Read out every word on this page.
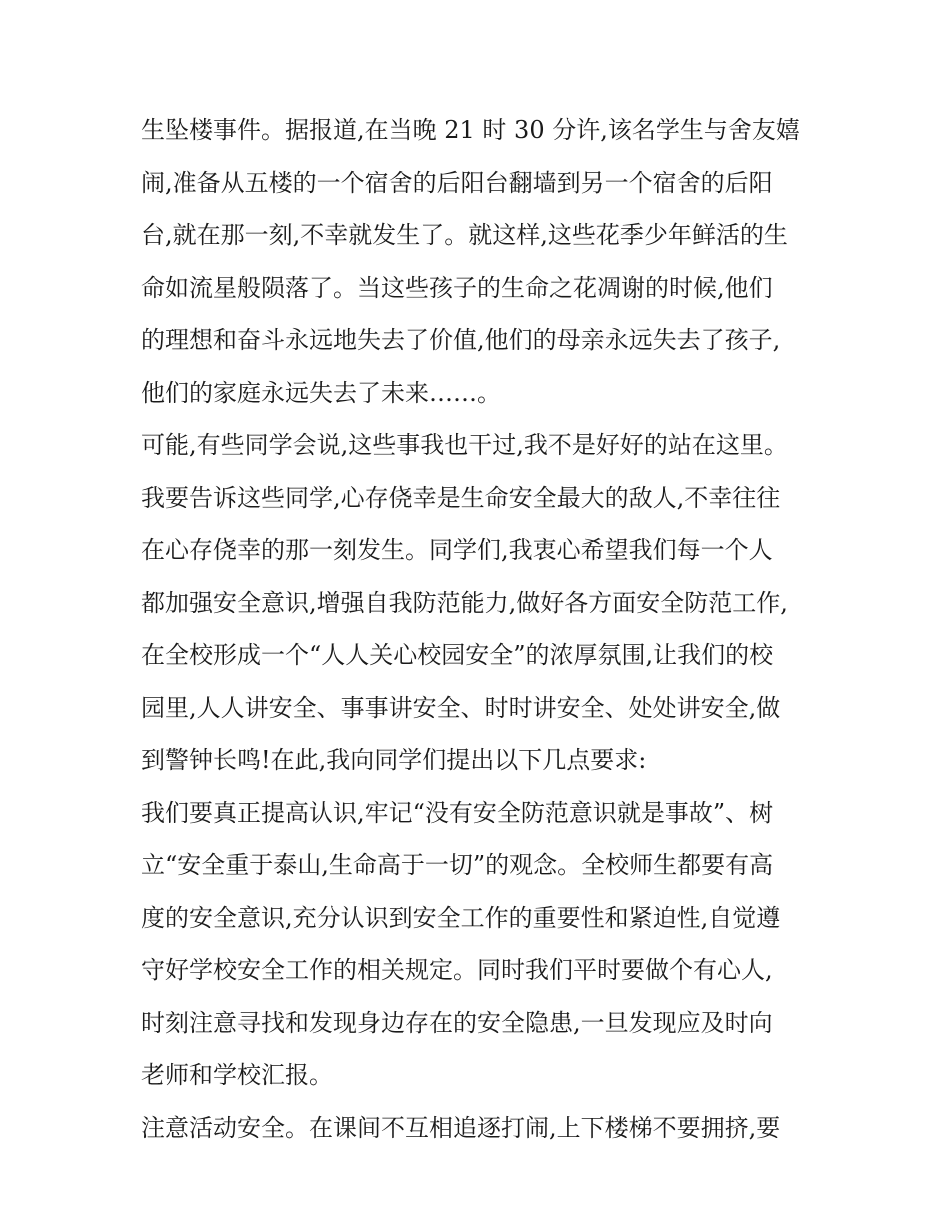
生坠楼事件。据报道,在当晚 21 时 30 分许,该名学生与舍友嬉
闹,准备从五楼的一个宿舍的后阳台翻墙到另一个宿舍的后阳
台,就在那一刻,不幸就发生了。就这样,这些花季少年鲜活的生
命如流星般陨落了。当这些孩子的生命之花凋谢的时候,他们
的理想和奋斗永远地失去了价值,他们的母亲永远失去了孩子,
他们的家庭永远失去了未来……。
可能,有些同学会说,这些事我也干过,我不是好好的站在这里。
我要告诉这些同学,心存侥幸是生命安全最大的敌人,不幸往往
在心存侥幸的那一刻发生。同学们,我衷心希望我们每一个人
都加强安全意识,增强自我防范能力,做好各方面安全防范工作,
在全校形成一个“人人关心校园安全”的浓厚氛围,让我们的校
园里,人人讲安全、事事讲安全、时时讲安全、处处讲安全,做
到警钟长鸣!在此,我向同学们提出以下几点要求:
我们要真正提高认识,牢记“没有安全防范意识就是事故”、树
立“安全重于泰山,生命高于一切”的观念。全校师生都要有高
度的安全意识,充分认识到安全工作的重要性和紧迫性,自觉遵
守好学校安全工作的相关规定。同时我们平时要做个有心人,
时刻注意寻找和发现身边存在的安全隐患,一旦发现应及时向
老师和学校汇报。
注意活动安全。在课间不互相追逐打闹,上下楼梯不要拥挤,要
